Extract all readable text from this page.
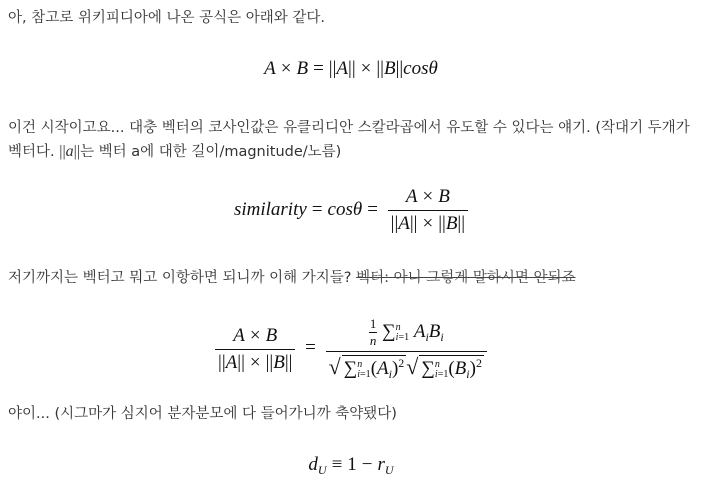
아, 참고로 위키피디아에 나온 공식은 아래와 같다.
A × B = ||A|| × ||B||cosθ
이건 시작이고요... 대충 벡터의 코사인값은 유클리디안 스칼라곱에서 유도할 수 있다는 얘기. (작대기 두개가 벡터다. ||a||는 벡터 a에 대한 길이/magnitude/노름)
similarity = $\cos\theta = \frac{A \times B}{||A|| \times ||B||}$
저기까지는 벡터고 뭐고 이항하면 되니까 이해 가지들? 벡터: 아니 그렇게 말하시면 안되죠
$\frac{A \times B}{||A|| \times ||B||}$ =	$\frac{1}{n} \sum n$
i=1 $A_iB_i$
√ ∑n
$i=1(A_i)^2√$ ∑n
$i=1(B_i)^2$
야이... (시그마가 심지어 분자분모에 다 들어가니까 축약됐다)
$d_U \equiv 1 - r_U$
